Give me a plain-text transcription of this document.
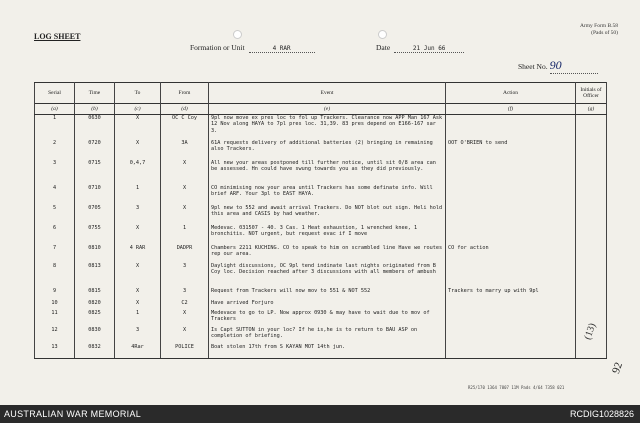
LOG SHEET
Army Form B.58
(Pads of 50)
Formation or Unit	4 RAR	Date	21 Jun 66
Sheet No. 90
Serial	Time	To	From	Event	Action	Initials of Officer
(a)	(b)	(c)	(d)	(e)	(f)	(g)
1	0630	X	OC C Coy	9pl now move ex pres loc to fol up Trackers. Clearance now APP Man 167 Ask 12 Nov along HAYA to 7pl pres loc. 31,39. 83 pres depend on E166-167 sar 3.		
2	0720	X	3A	61A requests delivery of additional batteries (2) bringing in remaining also Trackers.	OOT O'BRIEN to send	
3	0715	0,4,7	X	All new your areas postponed till further notice, until sit 0/8 area can be assessed. Hn could have swung towards you as they did previously.		
4	0710	1	X	CO minimising now your area until Trackers has some definate info. Will brief ARF. Your 3pl to EAST HAYA.		
5	0705	3	X	9pl new to 552 and await arrival Trackers. Do NOT blot out sign. Heli hold this area and CASIS by had weather.		
6	0755	X	1	Medevac. 031507 - 40. 3 Cas. 1 Heat exhaustion, 1 wrenched knee, 1 bronchitis. NOT urgent, but request evac if I move		
7	0810	4 RAR	DADPR	Chambers 2211 KUCHING. CO to speak to him on scrambled line Have we routes rep our area.	CO for action	
8	0813	X	3	Daylight discussions, OC 9pl tend indinate last nights originated from B Coy loc. Decision reached after 3 discussions with all members of ambush		
9	0815	X	3	Request from Trackers will now mov to 551 & NOT 552	Trackers to marry up with 9pl	
10	0820	X	C2	Have arrived Forjuro		
11	0825	1	X	Medevace to go to LP. Now approx 0930 & may have to wait due to mov of Trackers		
12	0830	3	X	Is Capt SUTTON in your loc? If he is,he is to return to BAU ASP on completion of briefing.		
13	0832	4Rar	POLICE	Boat stolen 17th from S KAYAN MOT 14th jun.		
R25/170 1364 7807 11M Pads 4/64 7358 021
(13)
92
AUSTRALIAN WAR MEMORIAL	RCDIG1028826
